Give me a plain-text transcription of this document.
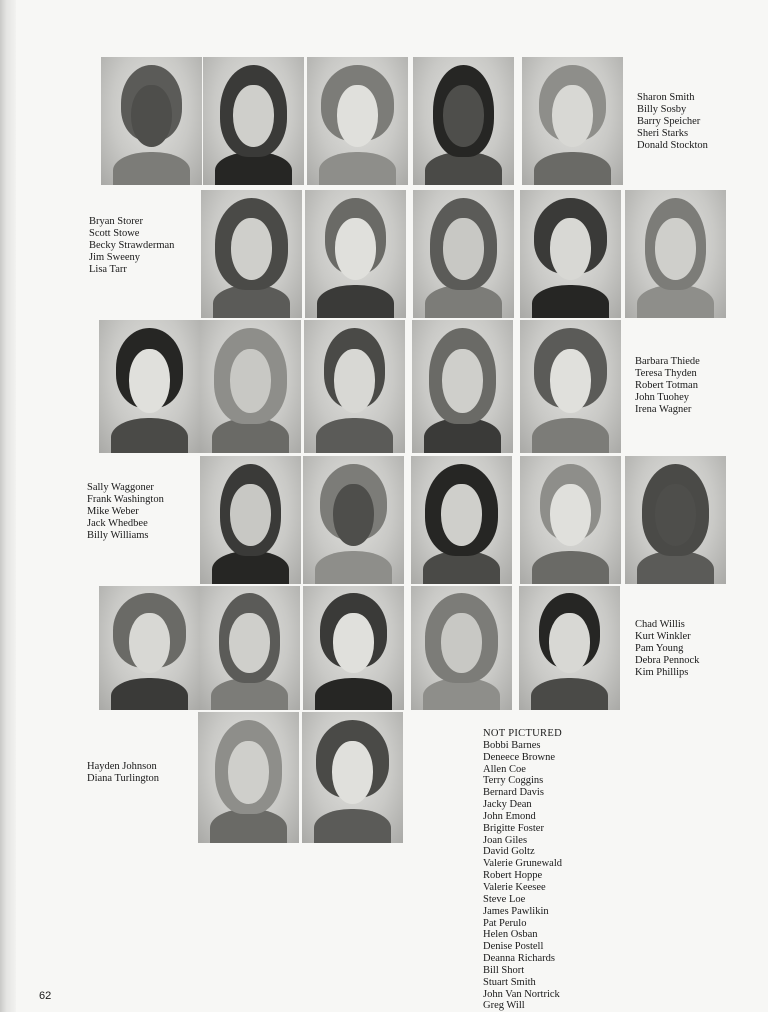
Sharon Smith
Billy Sosby
Barry Speicher
Sheri Starks
Donald Stockton
Bryan Storer
Scott Stowe
Becky Strawderman
Jim Sweeny
Lisa Tarr
Barbara Thiede
Teresa Thyden
Robert Totman
John Tuohey
Irena Wagner
Sally Waggoner
Frank Washington
Mike Weber
Jack Whedbee
Billy Williams
Chad Willis
Kurt Winkler
Pam Young
Debra Pennock
Kim Phillips
Hayden Johnson
Diana Turlington
NOT PICTURED
Bobbi Barnes
Deneece Browne
Allen Coe
Terry Coggins
Bernard Davis
Jacky Dean
John Emond
Brigitte Foster
Joan Giles
David Goltz
Valerie Grunewald
Robert Hoppe
Valerie Keesee
Steve Loe
James Pawlikin
Pat Perulo
Helen Osban
Denise Postell
Deanna Richards
Bill Short
Stuart Smith
John Van Nortrick
Greg Will
62
